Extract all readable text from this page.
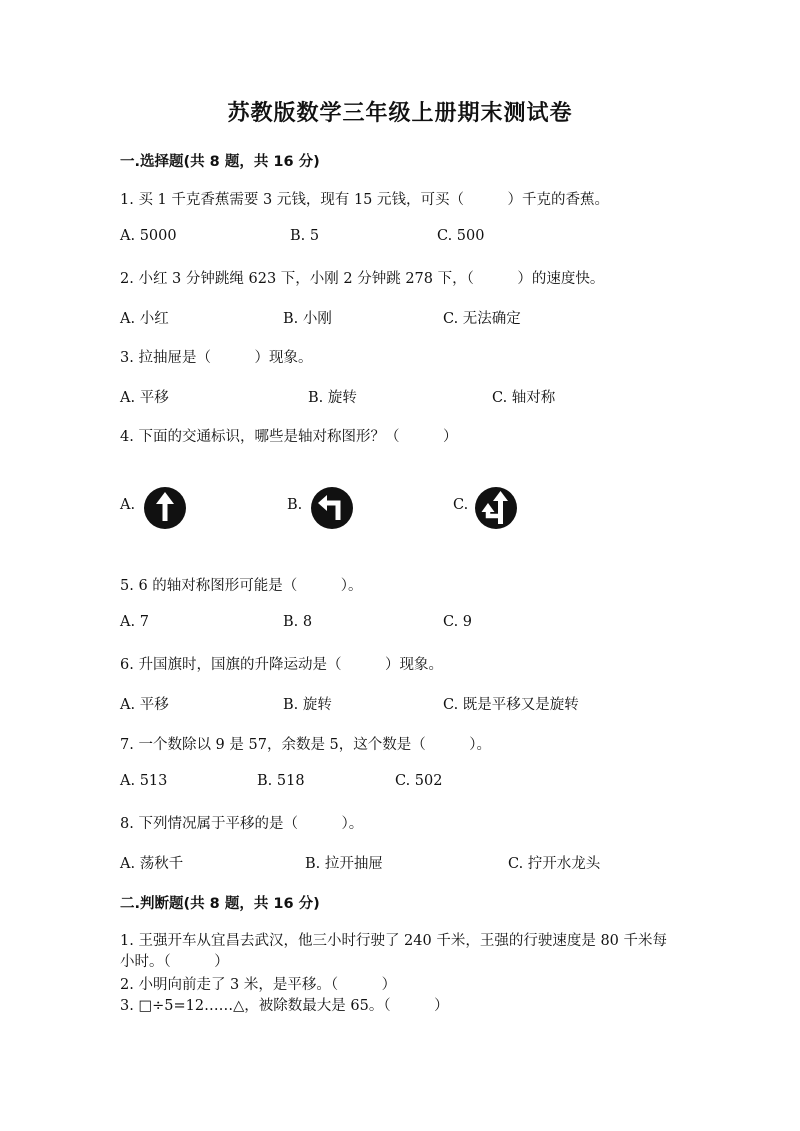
苏教版数学三年级上册期末测试卷
一.选择题(共 8 题，共 16 分)
1. 买 1 千克香蕉需要 3 元钱，现有 15 元钱，可买（　　　）千克的香蕉。
A. 5000	B. 5	C. 500
2. 小红 3 分钟跳绳 623 下，小刚 2 分钟跳 278 下，（　　　）的速度快。
A. 小红	B. 小刚	C. 无法确定
3. 拉抽屉是（　　　）现象。
A. 平移	B. 旋转	C. 轴对称
4. 下面的交通标识，哪些是轴对称图形？（　　　）
A.	B.	C.
5. 6 的轴对称图形可能是（　　　）。
A. 7	B. 8	C. 9
6. 升国旗时，国旗的升降运动是（　　　）现象。
A. 平移	B. 旋转	C. 既是平移又是旋转
7. 一个数除以 9 是 57，余数是 5，这个数是（　　　）。
A. 513	B. 518	C. 502
8. 下列情况属于平移的是（　　　）。
A. 荡秋千	B. 拉开抽屉	C. 拧开水龙头
二.判断题(共 8 题，共 16 分)
1. 王强开车从宜昌去武汉，他三小时行驶了 240 千米，王强的行驶速度是 80 千米每小时。（　　　）
2. 小明向前走了 3 米，是平移。（　　　）
3. □÷5=12……△，被除数最大是 65。（　　　）
